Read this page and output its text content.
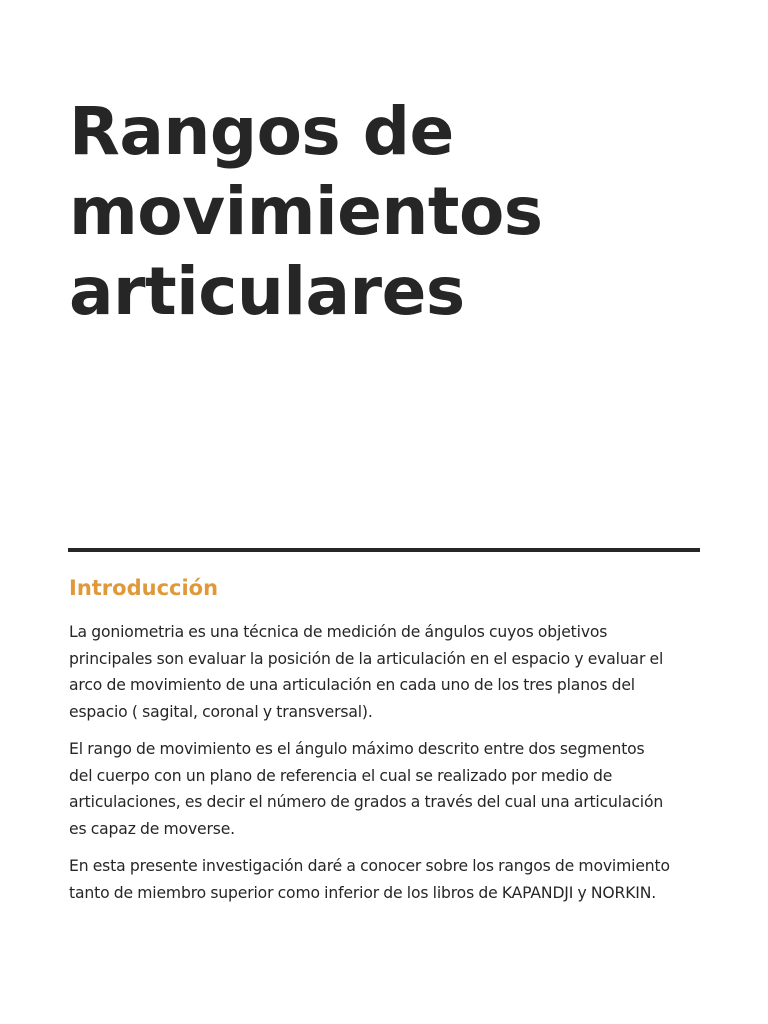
Rangos de
movimientos
articulares
Introducción

La goniometria es una técnica de medición de ángulos cuyos objetivos
principales son evaluar la posición de la articulación en el espacio y evaluar el
arco de movimiento de una articulación en cada uno de los tres planos del
espacio ( sagital, coronal y transversal).

El rango de movimiento es el ángulo máximo descrito entre dos segmentos
del cuerpo con un plano de referencia el cual se realizado por medio de
articulaciones, es decir el número de grados a través del cual una articulación
es capaz de moverse.

En esta presente investigación daré a conocer sobre los rangos de movimiento
tanto de miembro superior como inferior de los libros de KAPANDJI y NORKIN.
